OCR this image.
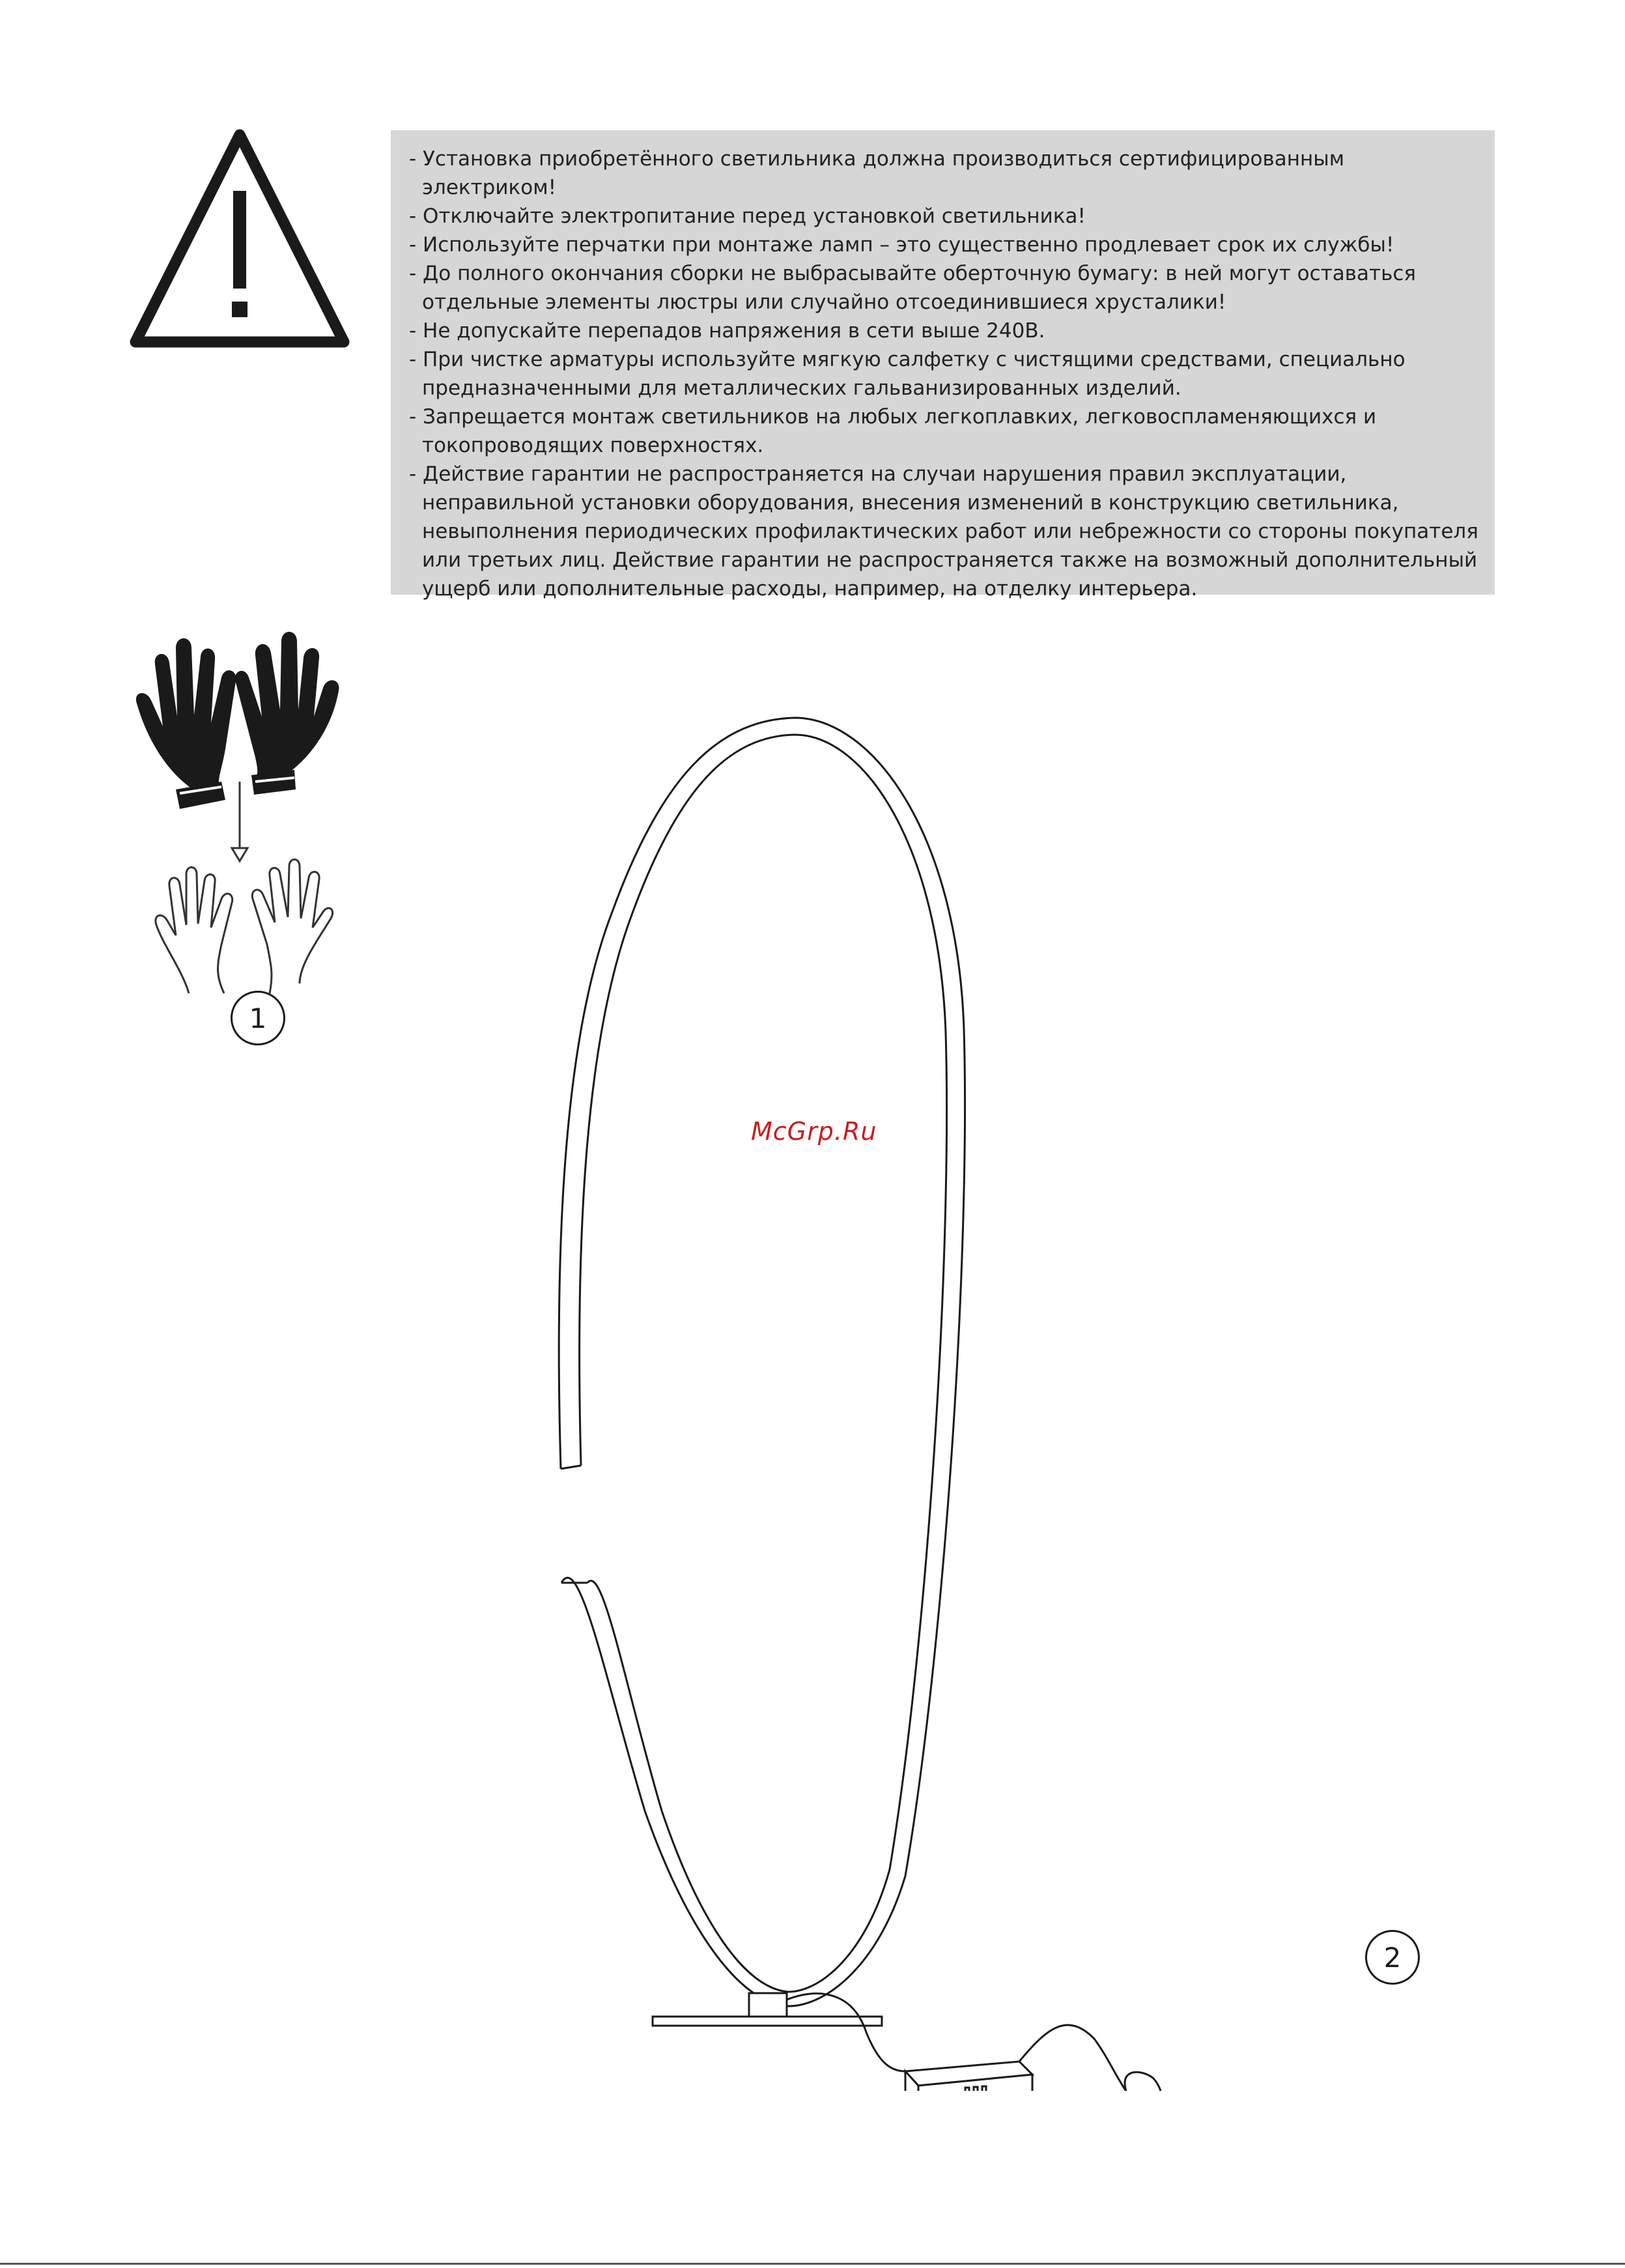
- Установка приобретённого светильника должна производиться сертифицированным электриком!
- Отключайте электропитание перед установкой светильника!
- Используйте перчатки при монтаже ламп – это существенно продлевает срок их службы!
- До полного окончания сборки не выбрасывайте оберточную бумагу: в ней могут оставаться отдельные элементы люстры или случайно отсоединившиеся хрусталики!
- Не допускайте перепадов напряжения в сети выше 240В.
- При чистке арматуры используйте мягкую салфетку с чистящими средствами, специально предназначенными для металлических гальванизированных изделий.
- Запрещается монтаж светильников на любых легкоплавких, легковоспламеняющихся и токопроводящих поверхностях.
- Действие гарантии не распространяется на случаи нарушения правил эксплуатации, неправильной установки оборудования, внесения изменений в конструкцию светильника, невыполнения периодических профилактических работ или небрежности со стороны покупателя или третьих лиц. Действие гарантии не распространяется также на возможный дополнительный ущерб или дополнительные расходы, например, на отделку интерьера.
1
McGrp.Ru
2
